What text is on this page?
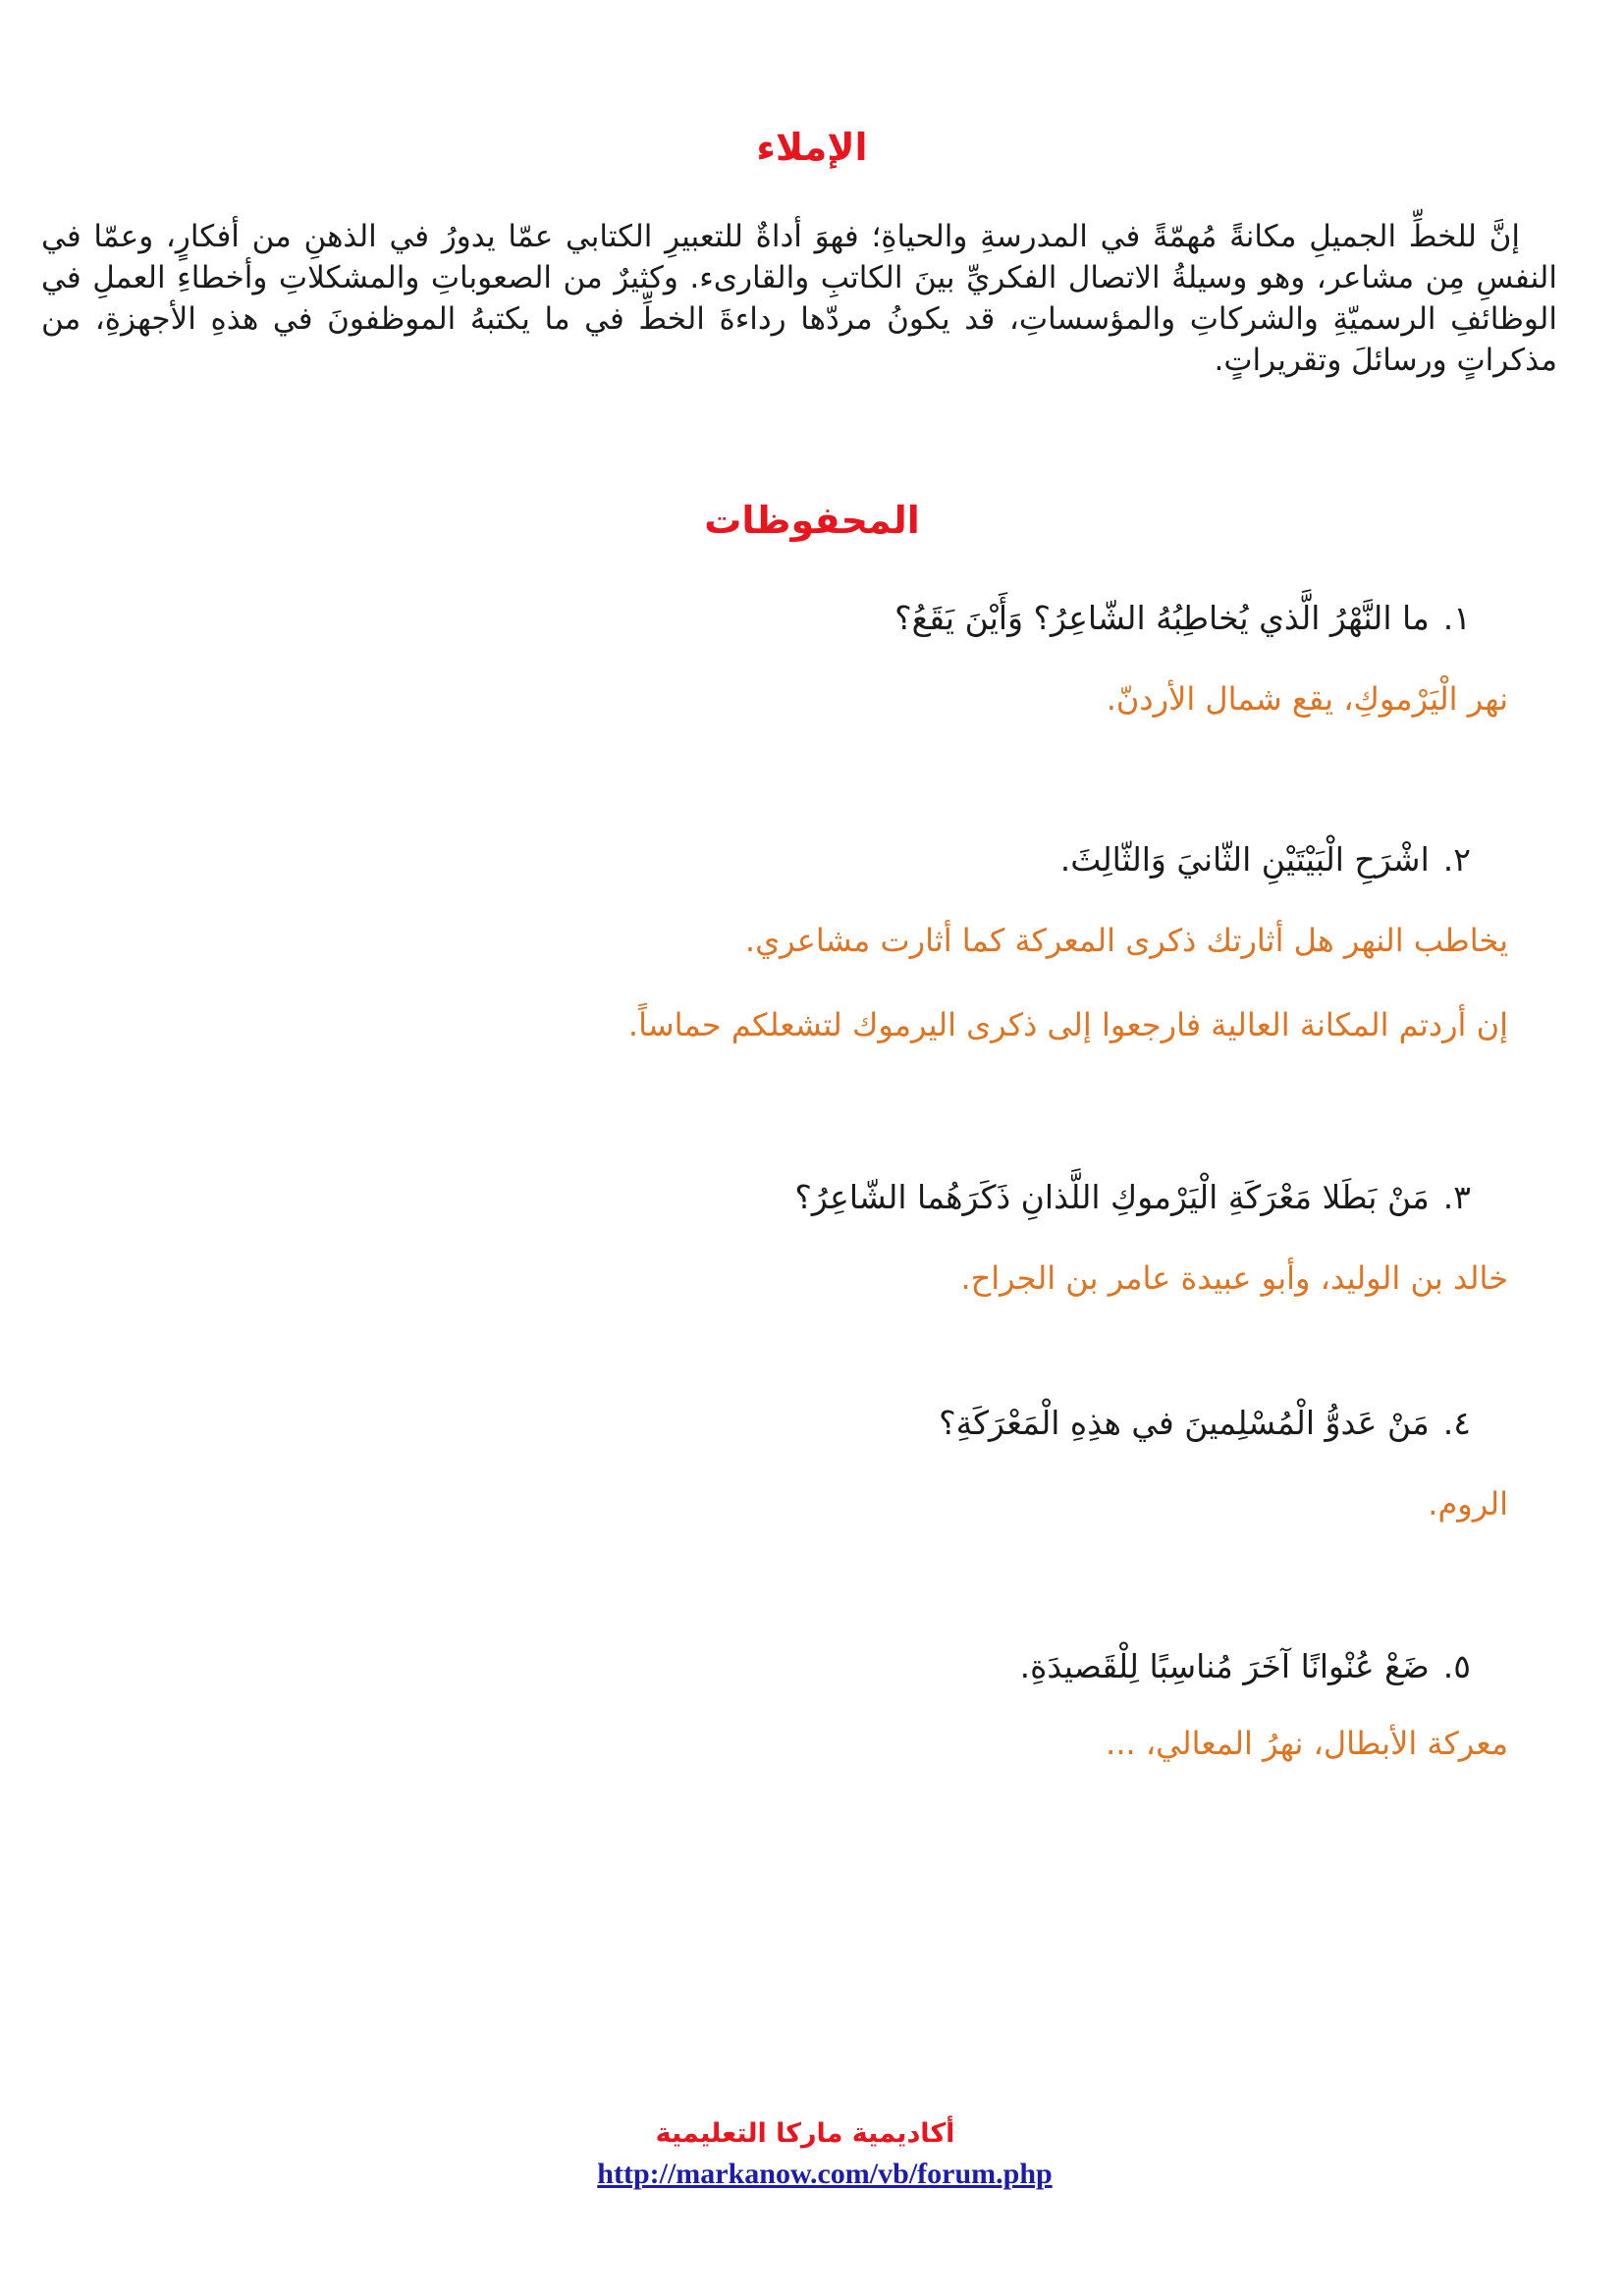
الإملاء

إنَّ للخطِّ الجميلِ مكانةً مُهمّةً في المدرسةِ والحياةِ؛ فهوَ أداةٌ للتعبيرِ الكتابي عمّا يدورُ في الذهنِ من أفكارٍ، وعمّا في النفسِ مِن مشاعر، وهو وسيلةُ الاتصال الفكريِّ بينَ الكاتبِ والقارىء. وكثيرٌ من الصعوباتِ والمشكلاتِ وأخطاءِ العملِ في الوظائفِ الرسميّةِ والشركاتِ والمؤسساتِ، قد يكونُ مردّها رداءةَ الخطِّ في ما يكتبهُ الموظفونَ في هذهِ الأجهزةِ، من مذكراتٍ ورسائلَ وتقريراتٍ.

المحفوظات

١.ما النَّهْرُ الَّذي يُخاطِبُهُ الشّاعِرُ؟ وَأَيْنَ يَقَعُ؟

نهر الْيَرْموكِ، يقع شمال الأردنّ.

٢.اشْرَحِ الْبَيْتَيْنِ الثّانيَ وَالثّالِثَ.

يخاطب النهر هل أثارتك ذكرى المعركة كما أثارت مشاعري.

إن أردتم المكانة العالية فارجعوا إلى ذكرى اليرموك لتشعلكم حماساً.

٣.مَنْ بَطَلا مَعْرَكَةِ الْيَرْموكِ اللَّذانِ ذَكَرَهُما الشّاعِرُ؟

خالد بن الوليد، وأبو عبيدة عامر بن الجراح.

٤.مَنْ عَدوُّ الْمُسْلِمينَ في هذِهِ الْمَعْرَكَةِ؟

الروم.

٥.ضَعْ عُنْوانًا آخَرَ مُناسِبًا لِلْقَصيدَةِ.

معركة الأبطال، نهرُ المعالي، ...

أكاديمية ماركا التعليمية

http://markanow.com/vb/forum.php
